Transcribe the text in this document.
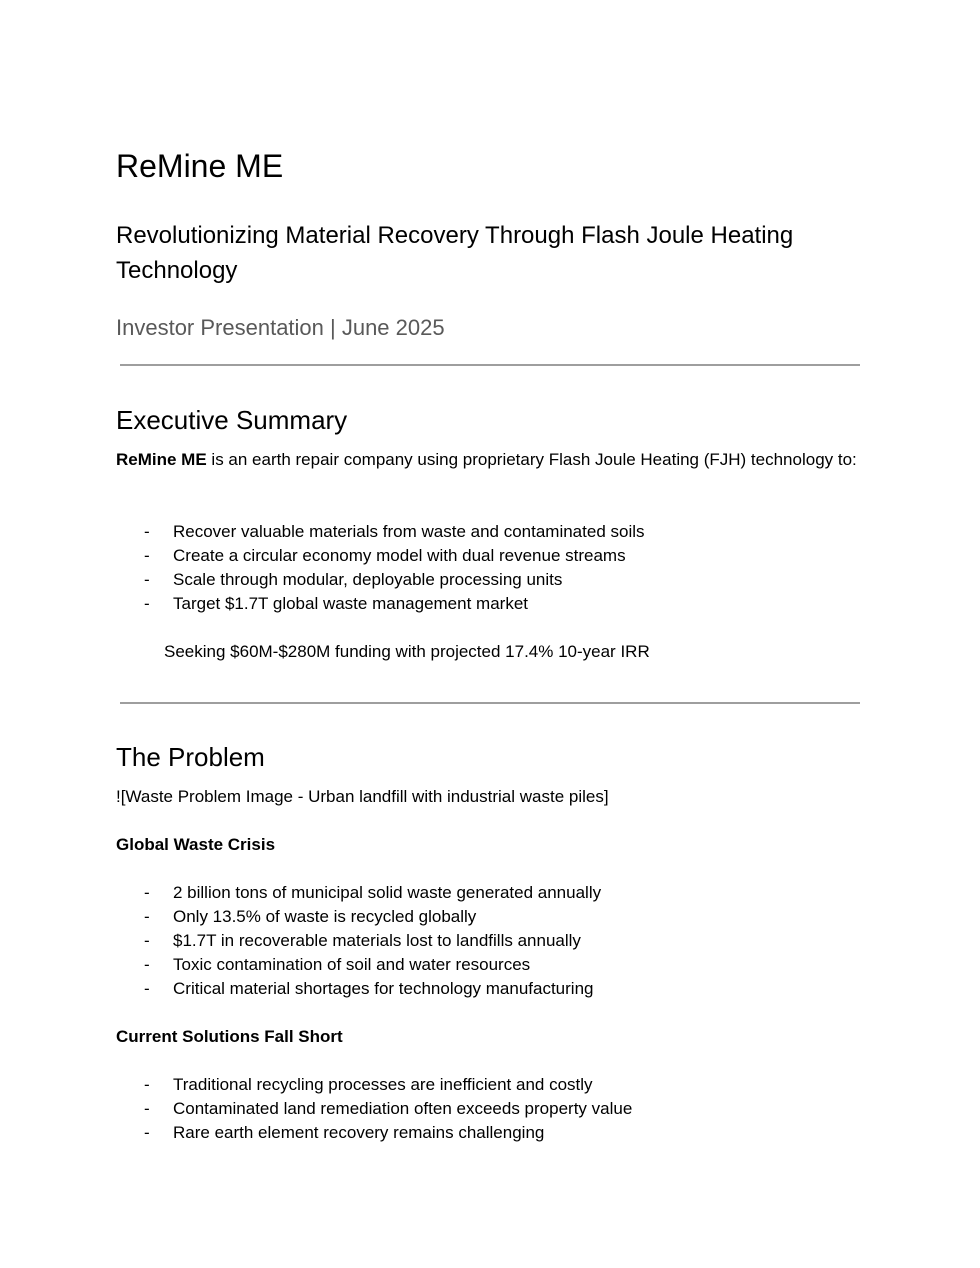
ReMine ME
Revolutionizing Material Recovery Through Flash Joule Heating Technology
Investor Presentation | June 2025
Executive Summary
ReMine ME is an earth repair company using proprietary Flash Joule Heating (FJH) technology to:
- Recover valuable materials from waste and contaminated soils
- Create a circular economy model with dual revenue streams
- Scale through modular, deployable processing units
- Target $1.7T global waste management market
Seeking $60M-$280M funding with projected 17.4% 10-year IRR
The Problem
![Waste Problem Image - Urban landfill with industrial waste piles]
Global Waste Crisis
- 2 billion tons of municipal solid waste generated annually
- Only 13.5% of waste is recycled globally
- $1.7T in recoverable materials lost to landfills annually
- Toxic contamination of soil and water resources
- Critical material shortages for technology manufacturing
Current Solutions Fall Short
- Traditional recycling processes are inefficient and costly
- Contaminated land remediation often exceeds property value
- Rare earth element recovery remains challenging
